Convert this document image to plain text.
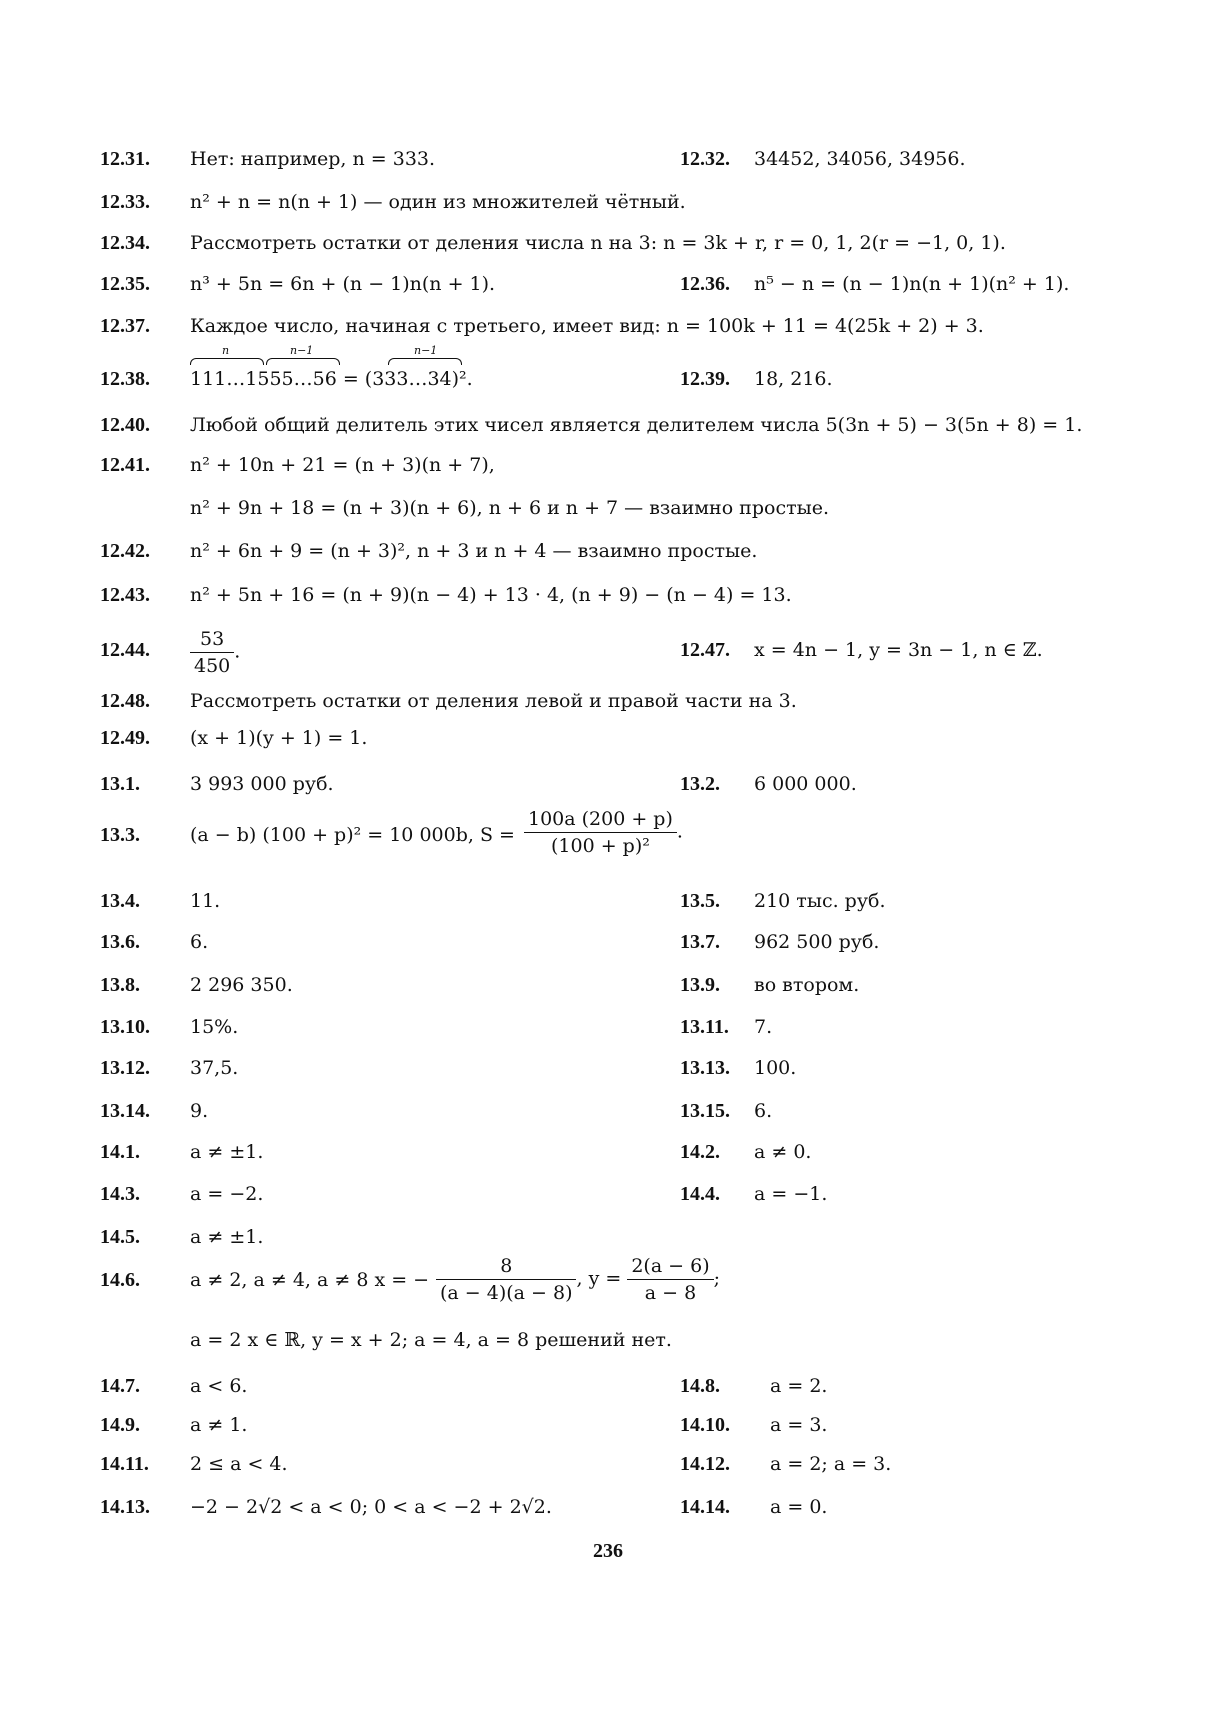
12.31. Нет: например, n = 333.	12.32. 34452, 34056, 34956.
12.33. n² + n = n(n + 1) — один из множителей чётный.
12.34. Рассмотреть остатки от деления числа n на 3: n = 3k + r, r = 0, 1, 2(r = −1, 0, 1).
12.35. n³ + 5n = 6n + (n − 1)n(n + 1).	12.36. n⁵ − n = (n − 1)n(n + 1)(n² + 1).
12.37. Каждое число, начиная с третьего, имеет вид: n = 100k + 11 = 4(25k + 2) + 3.
12.38. 111…1555…56 = (333…34)².
n	n−1	n−1
12.39. 18, 216.
12.40. Любой общий делитель этих чисел является делителем числа 5(3n + 5) − 3(5n + 8) = 1.
12.41. n² + 10n + 21 = (n + 3)(n + 7),
n² + 9n + 18 = (n + 3)(n + 6), n + 6 и n + 7 — взаимно простые.
12.42. n² + 6n + 9 = (n + 3)², n + 3 и n + 4 — взаимно простые.
12.43. n² + 5n + 16 = (n + 9)(n − 4) + 13 · 4, (n + 9) − (n − 4) = 13.
12.44. $\frac{53}{450}$ .	12.47. x = 4n − 1, y = 3n − 1, n ∈ ℤ.
12.48. Рассмотреть остатки от деления левой и правой части на 3.
12.49. (x + 1)(y + 1) = 1.
13.1.	3 993 000 руб.	13.2. 6 000 000.
13.3.	(a − b) (100 + p)² = 10 000b, $S = \frac{100a (200 + p)}{\text{(100 + p)²}}$ .
13.4.	11.	13.5. 210 тыс. руб.
13.6.	6.	13.7. 962 500 руб.
13.8.	2 296 350.	13.9. во втором.
13.10. 15%.	13.11. 7.
13.12. 37,5.	13.13. 100.
13.14. 9.	13.15. 6.
14.1.	a ≠ ±1.	14.2. a ≠ 0.
14.3.	a = −2.	14.4. a = −1.
14.5.	a ≠ ±1.
14.6.	a ≠ 2, a ≠ 4, a ≠ 8 x = − $\frac{8}{(a - 4)(a - 8)}$ , $y = \frac{2(a - 6)}{a - 8}$ ;
a = 2 x ∈ ℝ, y = x + 2; a = 4, a = 8 решений нет.
14.7.	a < 6.	14.8.	a = 2.
14.9.	a ≠ 1.	14.10. a = 3.
14.11. 2 ≤ a < 4.	14.12. a = 2; a = 3.
14.13. −2 − 2√2 < a < 0; 0 < a < −2 + 2√2.	14.14. a = 0.
236
